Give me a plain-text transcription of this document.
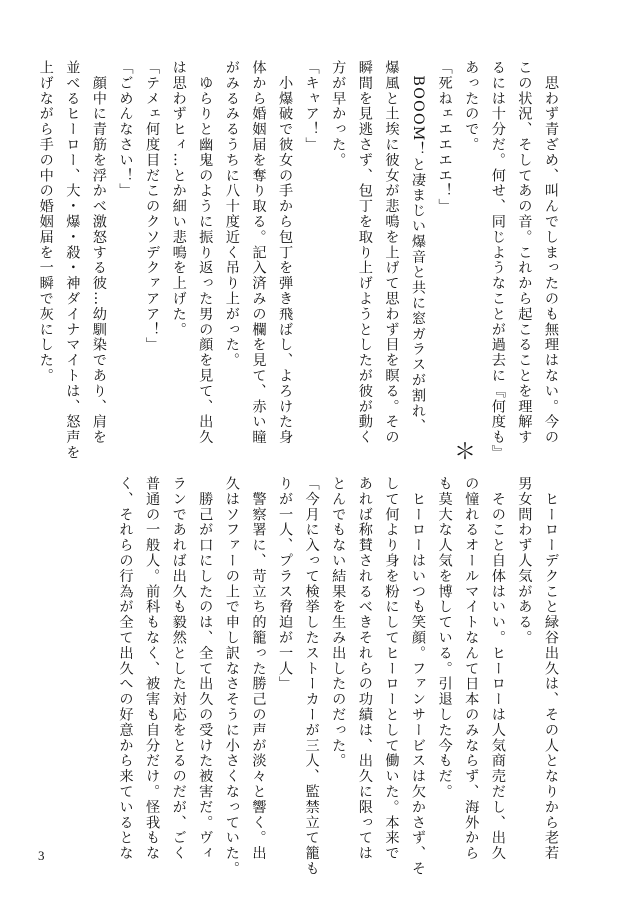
　思わず青ざめ、叫んでしまったのも無理はない。今の
この状況、そしてあの音。これから起こることを理解す
るには十分だ。何せ、同じようなことが過去に『何度も』
あったので。
「死ねェエエエエ！」
　BOOOM！と凄まじい爆音と共に窓ガラスが割れ、
爆風と土埃に彼女が悲鳴を上げて思わず目を瞑る。その
瞬間を見逃さず、包丁を取り上げようとしたが彼が動く
方が早かった。
「キャア！」
　小爆破で彼女の手から包丁を弾き飛ばし、よろけた身
体から婚姻届を奪り取る。記入済みの欄を見て、赤い瞳
がみるみるうちに八十度近く吊り上がった。
　ゆらりと幽鬼のように振り返った男の顔を見て、出久
は思わずヒィ…とか細い悲鳴を上げた。
「テメェ何度目だこのクソデクァアア！」
「ごめんなさい！」
　顔中に青筋を浮かべ激怒する彼…幼馴染であり、肩を
並べるヒーロー、大・爆・殺・神ダイナマイトは、怒声を
上げながら手の中の婚姻届を一瞬で灰にした。
＊
　ヒーローデクこと緑谷出久は、その人となりから老若
男女問わず人気がある。
　そのこと自体はいい。ヒーローは人気商売だし、出久
の憧れるオールマイトなんて日本のみならず、海外から
も莫大な人気を博している。引退した今もだ。
　ヒーローはいつも笑顔。ファンサービスは欠かさず、そ
して何より身を粉にしてヒーローとして働いた。本来で
あれば称賛されるべきそれらの功績は、出久に限っては
とんでもない結果を生み出したのだった。
「今月に入って検挙したストーカーが三人、監禁立て籠も
りが一人、プラス脅迫が一人」
　警察署に、苛立ち的籠った勝己の声が淡々と響く。出
久はソファーの上で申し訳なさそうに小さくなっていた。
　勝己が口にしたのは、全て出久の受けた被害だ。ヴィ
ランであれば出久も毅然とした対応をとるのだが、ごく
普通の一般人。前科もなく、被害も自分だけ。怪我もな
く、それらの行為が全て出久への好意から来ているとな
3
